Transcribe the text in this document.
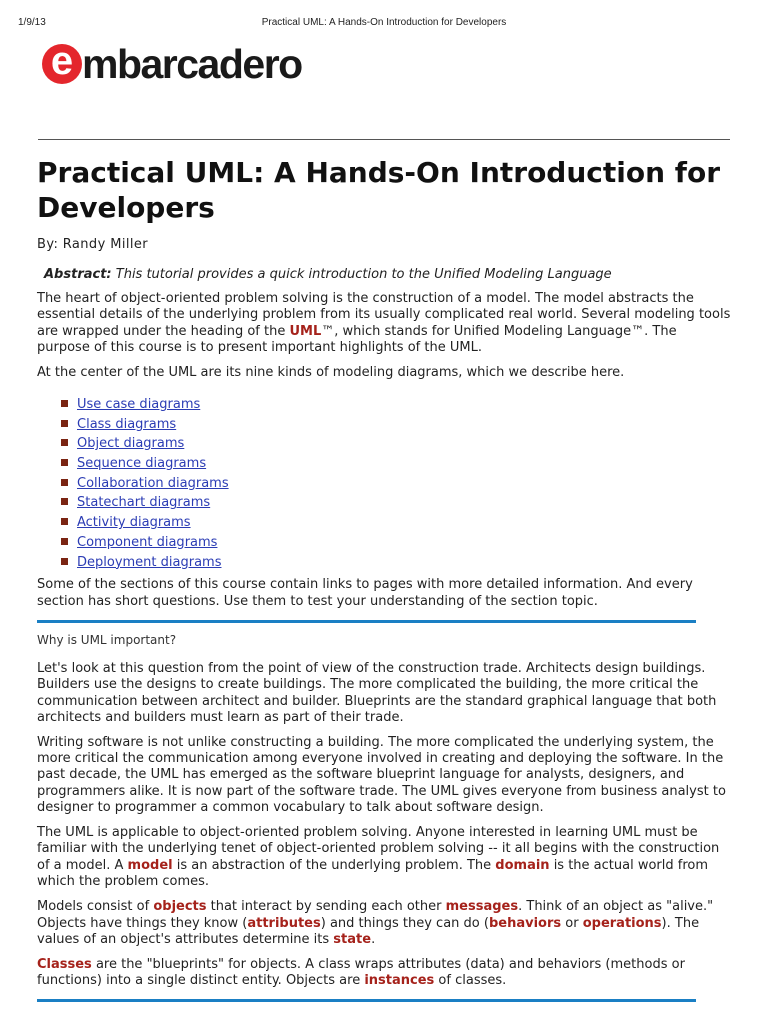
1/9/13	Practical UML: A Hands-On Introduction for Developers
e mbarcadero
Practical UML: A Hands-On Introduction for Developers
By: Randy Miller
Abstract: This tutorial provides a quick introduction to the Unified Modeling Language

The heart of object-oriented problem solving is the construction of a model. The model abstracts the essential details of the underlying problem from its usually complicated real world. Several modeling tools are wrapped under the heading of the UML™, which stands for Unified Modeling Language™. The purpose of this course is to present important highlights of the UML.

At the center of the UML are its nine kinds of modeling diagrams, which we describe here.

Use case diagrams
Class diagrams
Object diagrams
Sequence diagrams
Collaboration diagrams
Statechart diagrams
Activity diagrams
Component diagrams
Deployment diagrams

Some of the sections of this course contain links to pages with more detailed information. And every section has short questions. Use them to test your understanding of the section topic.

Why is UML important?

Let's look at this question from the point of view of the construction trade. Architects design buildings. Builders use the designs to create buildings. The more complicated the building, the more critical the communication between architect and builder. Blueprints are the standard graphical language that both architects and builders must learn as part of their trade.

Writing software is not unlike constructing a building. The more complicated the underlying system, the more critical the communication among everyone involved in creating and deploying the software. In the past decade, the UML has emerged as the software blueprint language for analysts, designers, and programmers alike. It is now part of the software trade. The UML gives everyone from business analyst to designer to programmer a common vocabulary to talk about software design.

The UML is applicable to object-oriented problem solving. Anyone interested in learning UML must be familiar with the underlying tenet of object-oriented problem solving -- it all begins with the construction of a model. A model is an abstraction of the underlying problem. The domain is the actual world from which the problem comes.

Models consist of objects that interact by sending each other messages. Think of an object as "alive." Objects have things they know (attributes) and things they can do (behaviors or operations). The values of an object's attributes determine its state.

Classes are the "blueprints" for objects. A class wraps attributes (data) and behaviors (methods or functions) into a single distinct entity. Objects are instances of classes.
